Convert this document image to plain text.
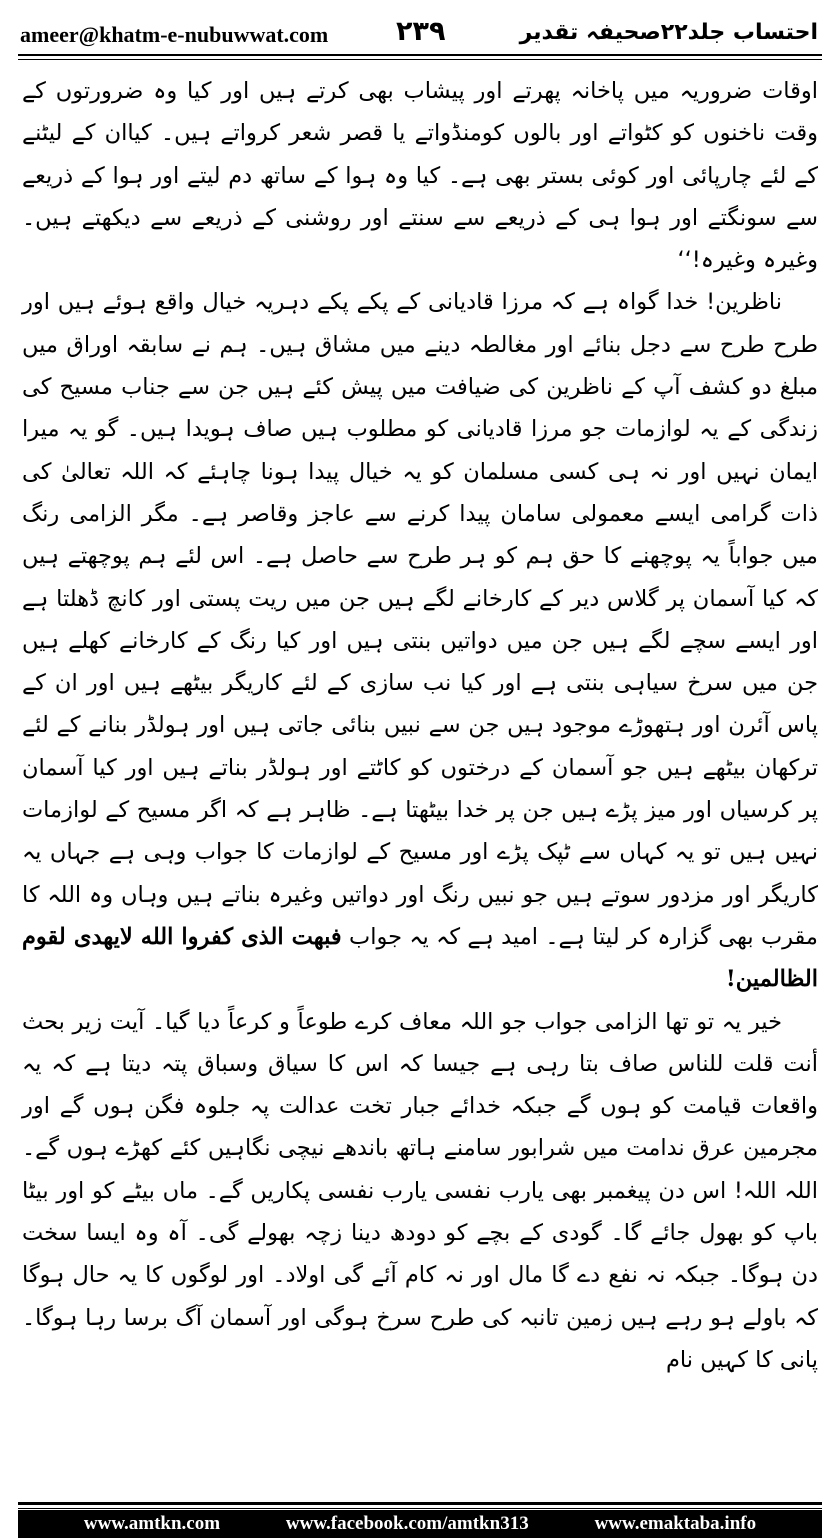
ameer@khatm-e-nubuwwat.com	۲۳۹	احتساب جلد۲۲صحیفہ تقدیر

اوقات ضروریہ میں پاخانہ پھرتے اور پیشاب بھی کرتے ہیں اور کیا وہ ضرورتوں کے وقت ناخنوں کو کٹواتے اور بالوں کومنڈواتے یا قصر شعر کرواتے ہیں۔ کیاان کے لیٹنے کے لئے چارپائی اور کوئی بستر بھی ہے۔ کیا وہ ہوا کے ساتھ دم لیتے اور ہوا کے ذریعے سے سونگتے اور ہوا ہی کے ذریعے سے سنتے اور روشنی کے ذریعے سے دیکھتے ہیں۔ وغیرہ وغیرہ!‘‘

ناظرین! خدا گواہ ہے کہ مرزا قادیانی کے پکے پکے دہریہ خیال واقع ہوئے ہیں اور طرح طرح سے دجل بنائے اور مغالطہ دینے میں مشاق ہیں۔ ہم نے سابقہ اوراق میں مبلغ دو کشف آپ کے ناظرین کی ضیافت میں پیش کئے ہیں جن سے جناب مسیح کی زندگی کے یہ لوازمات جو مرزا قادیانی کو مطلوب ہیں صاف ہویدا ہیں۔ گو یہ میرا ایمان نہیں اور نہ ہی کسی مسلمان کو یہ خیال پیدا ہونا چاہئے کہ اللہ تعالیٰ کی ذات گرامی ایسے معمولی سامان پیدا کرنے سے عاجز وقاصر ہے۔ مگر الزامی رنگ میں جواباً یہ پوچھنے کا حق ہم کو ہر طرح سے حاصل ہے۔ اس لئے ہم پوچھتے ہیں کہ کیا آسمان پر گلاس دیر کے کارخانے لگے ہیں جن میں ریت پستی اور کانچ ڈھلتا ہے اور ایسے سچے لگے ہیں جن میں دواتیں بنتی ہیں اور کیا رنگ کے کارخانے کھلے ہیں جن میں سرخ سیاہی بنتی ہے اور کیا نب سازی کے لئے کاریگر بیٹھے ہیں اور ان کے پاس آئرن اور ہتھوڑے موجود ہیں جن سے نبیں بنائی جاتی ہیں اور ہولڈر بنانے کے لئے ترکھان بیٹھے ہیں جو آسمان کے درختوں کو کاٹتے اور ہولڈر بناتے ہیں اور کیا آسمان پر کرسیاں اور میز پڑے ہیں جن پر خدا بیٹھتا ہے۔ ظاہر ہے کہ اگر مسیح کے لوازمات نہیں ہیں تو یہ کہاں سے ٹپک پڑے اور مسیح کے لوازمات کا جواب وہی ہے جہاں یہ کاریگر اور مزدور سوتے ہیں جو نبیں رنگ اور دواتیں وغیرہ بناتے ہیں وہاں وہ اللہ کا مقرب بھی گزارہ کر لیتا ہے۔ امید ہے کہ یہ جواب فبهت الذی كفروا الله لايهدى لقوم الظالمين!

خیر یہ تو تھا الزامی جواب جو اللہ معاف کرے طوعاً و کرعاً دیا گیا۔ آیت زیر بحث أنت قلت للناس صاف بتا رہی ہے جیسا کہ اس کا سیاق وسباق پتہ دیتا ہے کہ یہ واقعات قیامت کو ہوں گے جبکہ خدائے جبار تخت عدالت پہ جلوہ فگن ہوں گے اور مجرمین عرق ندامت میں شرابور سامنے ہاتھ باندھے نیچی نگاہیں کئے کھڑے ہوں گے۔ اللہ اللہ! اس دن پیغمبر بھی یارب نفسی یارب نفسی پکاریں گے۔ ماں بیٹے کو اور بیٹا باپ کو بھول جائے گا۔ گودی کے بچے کو دودھ دینا زچہ بھولے گی۔ آہ وہ ایسا سخت دن ہوگا۔ جبکہ نہ نفع دے گا مال اور نہ کام آئے گی اولاد۔ اور لوگوں کا یہ حال ہوگا کہ باولے ہو رہے ہیں زمین تانبہ کی طرح سرخ ہوگی اور آسمان آگ برسا رہا ہوگا۔ پانی کا کہیں نام

www.amtkn.com	www.facebook.com/amtkn313	www.emaktaba.info
